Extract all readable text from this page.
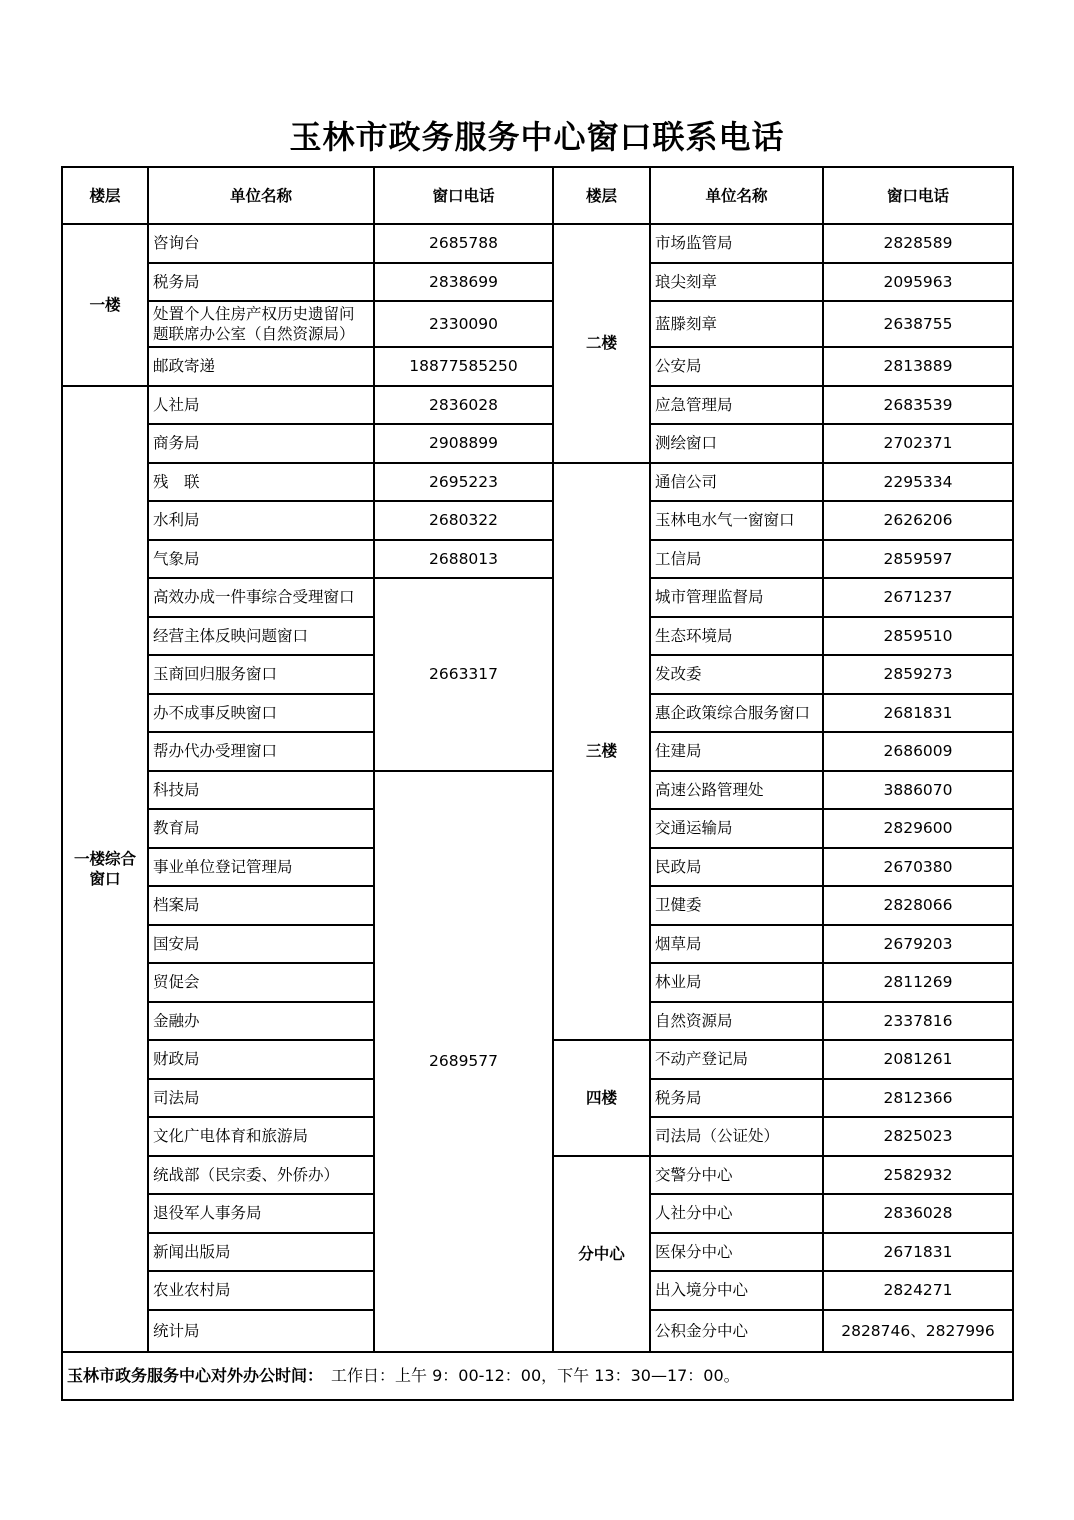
玉林市政务服务中心窗口联系电话
楼层	单位名称	窗口电话	楼层	单位名称	窗口电话
一楼	咨询台	2685788	二楼	市场监管局	2828589
	税务局	2838699		琅尖刻章	2095963
	处置个人住房产权历史遗留问题联席办公室（自然资源局）	2330090		蓝滕刻章	2638755
	邮政寄递	18877585250		公安局	2813889
一楼综合窗口	人社局	2836028		应急管理局	2683539
	商务局	2908899		测绘窗口	2702371
	残　联	2695223	三楼	通信公司	2295334
	水利局	2680322		玉林电水气一窗窗口	2626206
	气象局	2688013		工信局	2859597
	高效办成一件事综合受理窗口	2663317		城市管理监督局	2671237
	经营主体反映问题窗口			生态环境局	2859510
	玉商回归服务窗口			发改委	2859273
	办不成事反映窗口			惠企政策综合服务窗口	2681831
	帮办代办受理窗口			住建局	2686009
	科技局	2689577		高速公路管理处	3886070
	教育局			交通运输局	2829600
	事业单位登记管理局			民政局	2670380
	档案局			卫健委	2828066
	国安局			烟草局	2679203
	贸促会			林业局	2811269
	金融办			自然资源局	2337816
	财政局		四楼	不动产登记局	2081261
	司法局			税务局	2812366
	文化广电体育和旅游局			司法局（公证处）	2825023
	统战部（民宗委、外侨办）		分中心	交警分中心	2582932
	退役军人事务局			人社分中心	2836028
	新闻出版局			医保分中心	2671831
	农业农村局			出入境分中心	2824271
	统计局			公积金分中心	2828746、2827996
玉林市政务服务中心对外办公时间：　工作日：上午 9：00-12：00，下午 13：30—17：00。					
